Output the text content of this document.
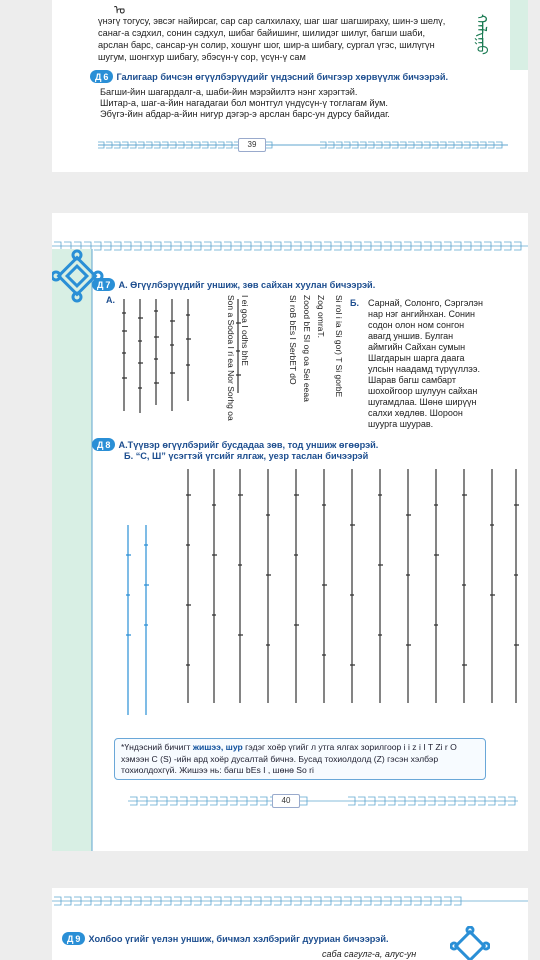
ᠣ
үнэгү тогусу, эвсэг найирсаг, сар сар салхилаху, шаг шаг шагшираху, шин-э шелү,
санаг-а сэдхил, сонин сэдхул, шибаг байишинг, шилидэг шилуг, багши шаби,
арслан барс, сансар-ун солир, хошунг шог, шир-а шибагу, сургал үгэс, шилүгүн
шугум, шонгхур шибагу, эбэсүн-ү сор, үсүн-ү сам
Д 6 Галигаар бичсэн өгүүлбэрүүдийг үндэсний бичгээр хөрвүүлж бичээрэй.
Багши-йин шагардалг-а, шаби-йин мэрэйилтэ нэнг хэрэгтэй.
Шитар-а, шаг-а-йин нагадагаи бол монтгул үндүсүн-ү тоглагам йум.
Эбүгэ-йин абдар-а-йин нигур дэгэр-э арслан барс-ун дурсу байидаг.
39
ᠬᠠᠯᠢᠭᠤ
Д 7 А. Өгүүлбэрүүдийг уншиж, зөв сайхан хуулан бичээрэй.
А.	Б.
Si rol i ia Si gor) T Si gorbE
Zoood bE SI og oa Sei eeaa
Si roB bEs I SerbET dO Zog omraT.
I ei goa I odhs bhE
Son a Sodoa I ri ea Nor Sorhg oa	Сарнай, Солонго, Сэргэлэн
нар нэг ангийнхан. Сонин
содон олон ном сонгон
авагд уншив. Булган
аймгийн Сайхан сумын
Шагдарын шарга даага
улсын наадамд түрүүллээ.
Шарав багш самбарт
шохойгоор шулуун сайхан
шугамдлаа. Шөнө ширүүн
салхи хөдлөв. Шороон
шуурга шуурав.
Д 8 А.Түүвэр өгүүлбэрийг бусдадаа зөв, тод уншиж өгөөрэй.
Б. “С, Ш” үсэгтэй үгсийг ялгаж, уезр таслан бичээрэй
*Үндэсний бичигт жишээ, шур гэдэг хоёр үгийг л утга ялгах зорилгоор i i z i I T Zi r O
хэмээн С (S) -ийн ард хоёр дусалтай бичнэ. Бусад тохиолдолд (Z) гэсэн хэлбэр
тохиолдохгүй. Жишээ нь: багш bEs I , шөнө So ri
40
Д 9 Холбоо үгийг үелэн уншиж, бичмэл хэлбэрийг дууриан бичээрэй.
саба сагулг-а, алус-ун
